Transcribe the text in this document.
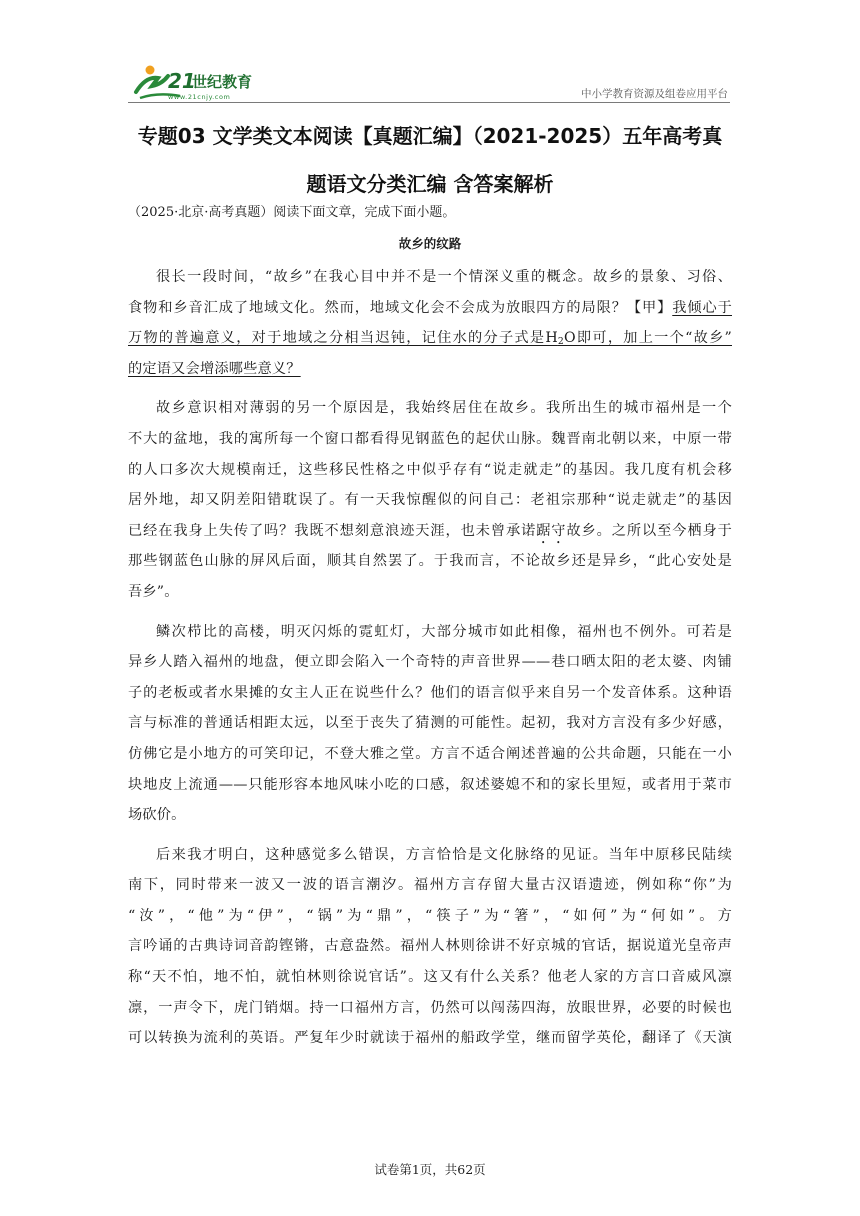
21
世纪教育
www.21cnjy.com	中小学教育资源及组卷应用平台
专题03 文学类文本阅读【真题汇编】（2021-2025）五年高考真
题语文分类汇编 含答案解析
（2025·北京·高考真题）阅读下面文章，完成下面小题。
故乡的纹路
很长一段时间，“故乡”在我心目中并不是一个情深义重的概念。故乡的景象、习俗、
食物和乡音汇成了地域文化。然而，地域文化会不会成为放眼四方的局限？【甲】我倾心于
万物的普遍意义，对于地域之分相当迟钝，记住水的分子式是$H_2O$即可，加上一个“故乡”
的定语又会增添哪些意义？
故乡意识相对薄弱的另一个原因是，我始终居住在故乡。我所出生的城市福州是一个
不大的盆地，我的寓所每一个窗口都看得见钢蓝色的起伏山脉。魏晋南北朝以来，中原一带
的人口多次大规模南迁，这些移民性格之中似乎存有“说走就走”的基因。我几度有机会移
居外地，却又阴差阳错耽误了。有一天我惊醒似的问自己：老祖宗那种“说走就走”的基因
已经在我身上失传了吗？我既不想刻意浪迹天涯，也未曾承诺踞守故乡。之所以至今栖身于
那些钢蓝色山脉的屏风后面，顺其自然罢了。于我而言，不论故乡还是异乡，“此心安处是
吾乡”。
鳞次栉比的高楼，明灭闪烁的霓虹灯，大部分城市如此相像，福州也不例外。可若是
异乡人踏入福州的地盘，便立即会陷入一个奇特的声音世界——巷口晒太阳的老太婆、肉铺
子的老板或者水果摊的女主人正在说些什么？他们的语言似乎来自另一个发音体系。这种语
言与标准的普通话相距太远，以至于丧失了猜测的可能性。起初，我对方言没有多少好感，
仿佛它是小地方的可笑印记，不登大雅之堂。方言不适合阐述普遍的公共命题，只能在一小
块地皮上流通——只能形容本地风味小吃的口感，叙述婆媳不和的家长里短，或者用于菜市
场砍价。
后来我才明白，这种感觉多么错误，方言恰恰是文化脉络的见证。当年中原移民陆续
南下，同时带来一波又一波的语言潮汐。福州方言存留大量古汉语遗迹，例如称“你”为
“汝”，“他”为“伊”，“锅”为“鼎”，“筷子”为“箸”，“如何”为“何如”。方
言吟诵的古典诗词音韵铿锵，古意盎然。福州人林则徐讲不好京城的官话，据说道光皇帝声
称“天不怕，地不怕，就怕林则徐说官话”。这又有什么关系？他老人家的方言口音威风凛
凛，一声令下，虎门销烟。持一口福州方言，仍然可以闯荡四海，放眼世界，必要的时候也
可以转换为流利的英语。严复年少时就读于福州的船政学堂，继而留学英伦，翻译了《天演
试卷第1页，共62页
